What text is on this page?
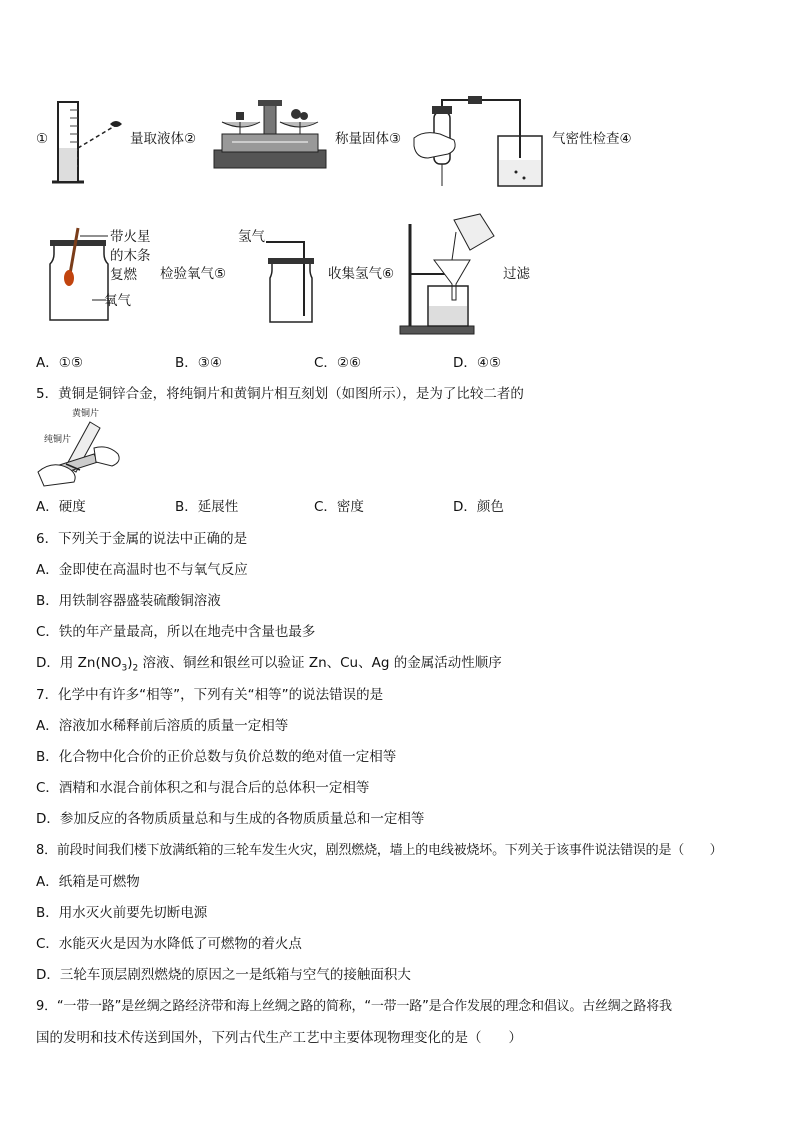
①	量取液体②	称量固体③	气密性检查④
带火星
的木条
复燃
氧气
检验氧气⑤
氢气
收集氢气⑥	过滤
A．①⑤	B．③④	C．②⑥	D．④⑤
5．黄铜是铜锌合金，将纯铜片和黄铜片相互刻划（如图所示），是为了比较二者的
黄铜片
纯铜片
A．硬度	B．延展性	C．密度	D．颜色
6．下列关于金属的说法中正确的是
A．金即使在高温时也不与氧气反应
B．用铁制容器盛装硫酸铜溶液
C．铁的年产量最高，所以在地壳中含量也最多
D．用 $Zn(NO_3)_2$ 溶液、铜丝和银丝可以验证 Zn、Cu、Ag 的金属活动性顺序
7．化学中有许多“相等”，下列有关“相等”的说法错误的是
A．溶液加水稀释前后溶质的质量一定相等
B．化合物中化合价的正价总数与负价总数的绝对值一定相等
C．酒精和水混合前体积之和与混合后的总体积一定相等
D．参加反应的各物质质量总和与生成的各物质质量总和一定相等
8．前段时间我们楼下放满纸箱的三轮车发生火灾，剧烈燃烧，墙上的电线被烧坏。下列关于该事件说法错误的是（　　）
A．纸箱是可燃物
B．用水灭火前要先切断电源
C．水能灭火是因为水降低了可燃物的着火点
D．三轮车顶层剧烈燃烧的原因之一是纸箱与空气的接触面积大
9．“一带一路”是丝绸之路经济带和海上丝绸之路的简称，“一带一路”是合作发展的理念和倡议。古丝绸之路将我
国的发明和技术传送到国外，下列古代生产工艺中主要体现物理变化的是（　　）
